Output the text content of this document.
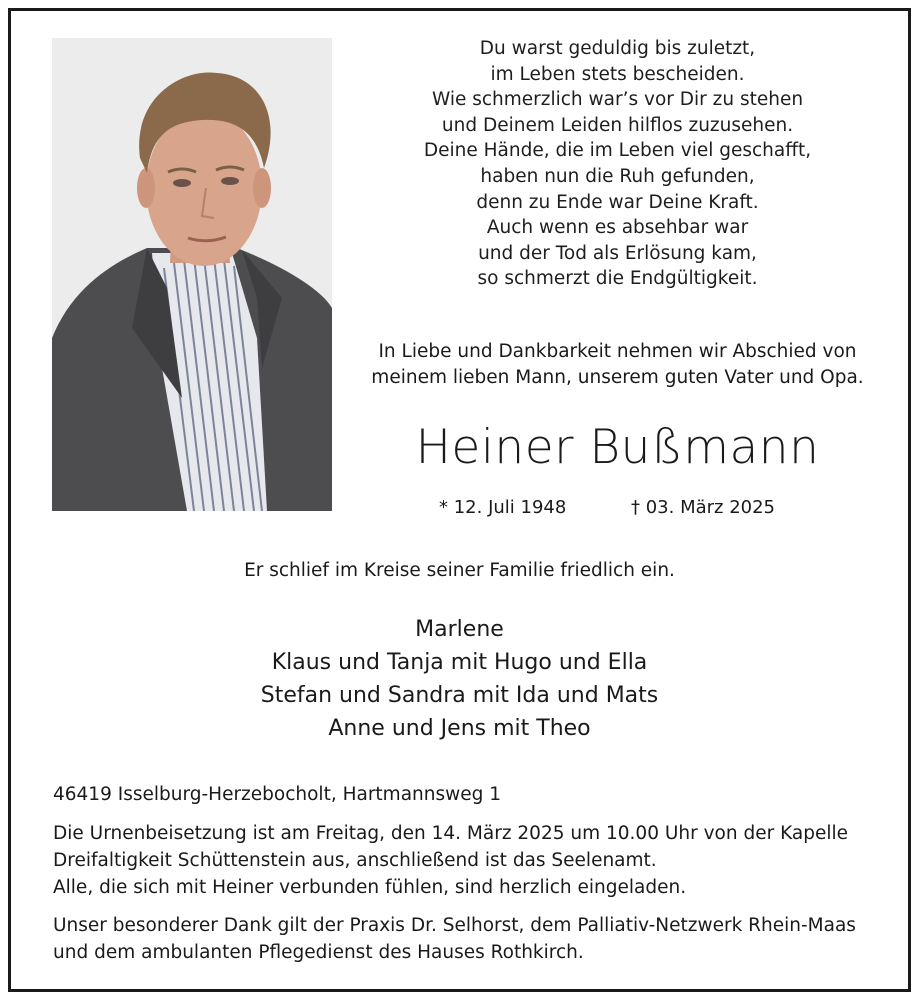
Du warst geduldig bis zuletzt,
im Leben stets bescheiden.
Wie schmerzlich war’s vor Dir zu stehen
und Deinem Leiden hilflos zuzusehen.
Deine Hände, die im Leben viel geschafft,
haben nun die Ruh gefunden,
denn zu Ende war Deine Kraft.
Auch wenn es absehbar war
und der Tod als Erlösung kam,
so schmerzt die Endgültigkeit.
In Liebe und Dankbarkeit nehmen wir Abschied von
meinem lieben Mann, unserem guten Vater und Opa.
Heiner Bußmann
* 12. Juli 1948	† 03. März 2025
Er schlief im Kreise seiner Familie friedlich ein.
Marlene
Klaus und Tanja mit Hugo und Ella
Stefan und Sandra mit Ida und Mats
Anne und Jens mit Theo
46419 Isselburg-Herzebocholt, Hartmannsweg 1
Die Urnenbeisetzung ist am Freitag, den 14. März 2025 um 10.00 Uhr von der Kapelle
Dreifaltigkeit Schüttenstein aus, anschließend ist das Seelenamt.
Alle, die sich mit Heiner verbunden fühlen, sind herzlich eingeladen.
Unser besonderer Dank gilt der Praxis Dr. Selhorst, dem Palliativ-Netzwerk Rhein-Maas
und dem ambulanten Pflegedienst des Hauses Rothkirch.
